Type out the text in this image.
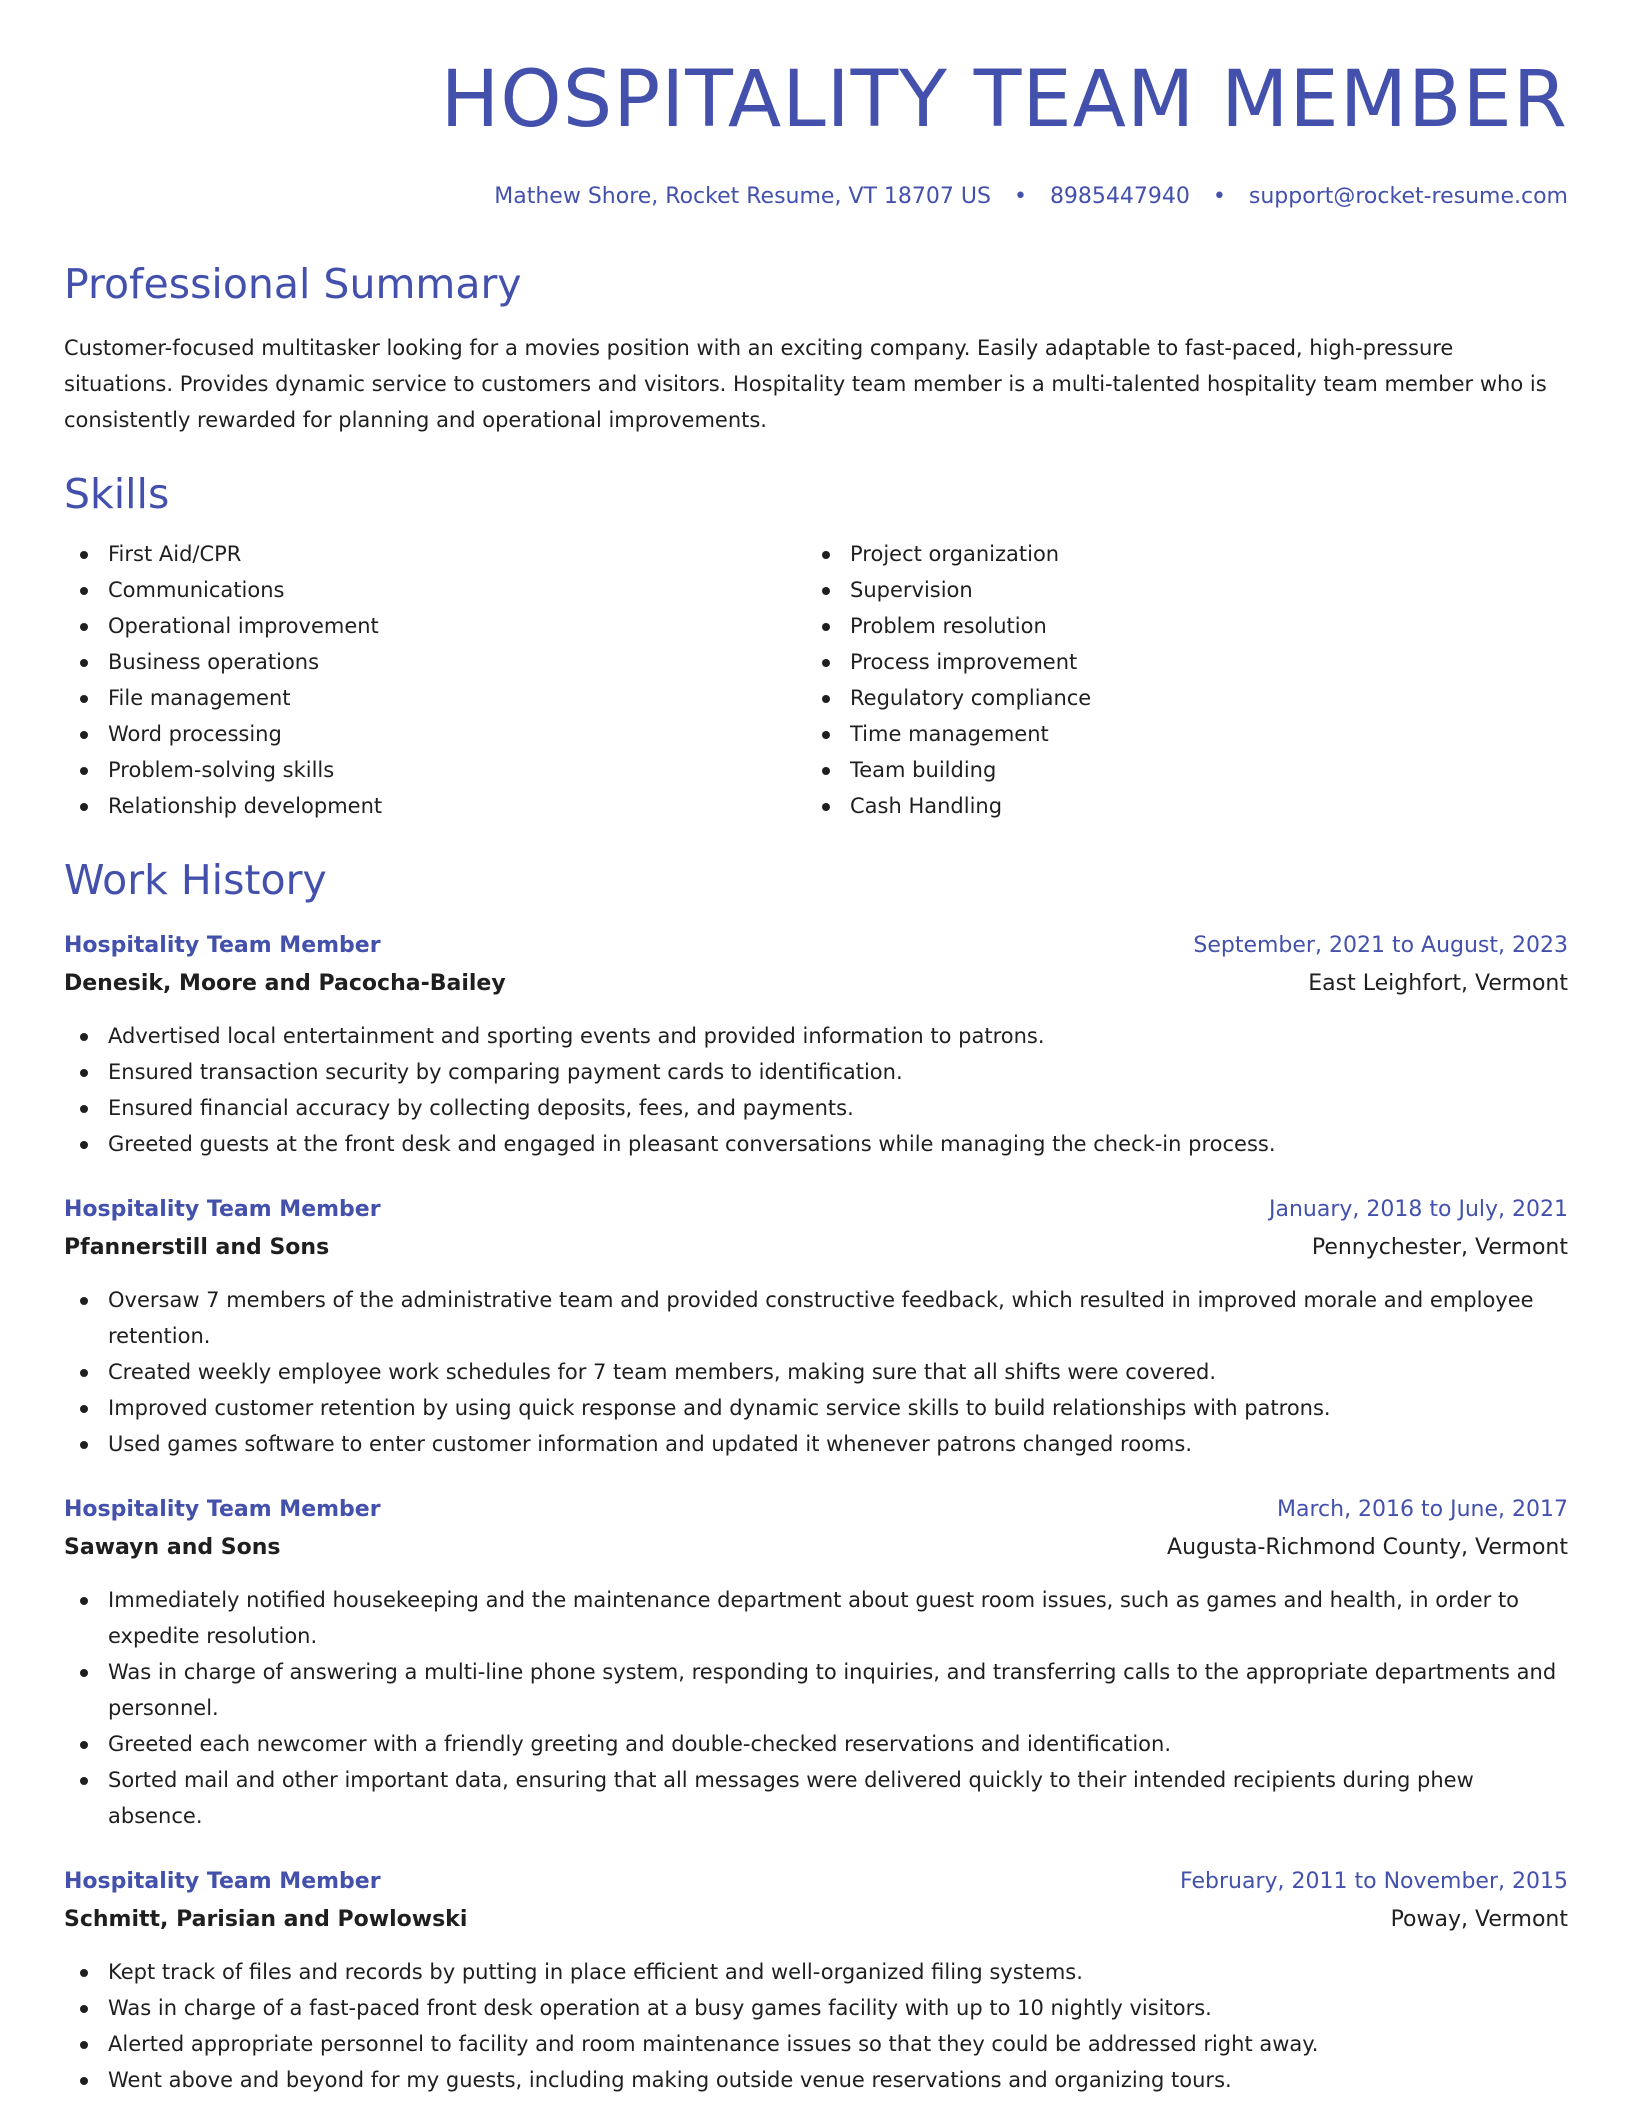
HOSPITALITY TEAM MEMBER
Mathew Shore, Rocket Resume, VT 18707 US • 8985447940 • support@rocket-resume.com
Professional Summary

Customer-focused multitasker looking for a movies position with an exciting company. Easily adaptable to fast-paced, high-pressure situations. Provides dynamic service to customers and visitors. Hospitality team member is a multi-talented hospitality team member who is consistently rewarded for planning and operational improvements.

Skills
First Aid/CPR
Communications
Operational improvement
Business operations
File management
Word processing
Problem-solving skills
Relationship development
Project organization
Supervision
Problem resolution
Process improvement
Regulatory compliance
Time management
Team building
Cash Handling
Work History
Hospitality Team Member	September, 2021 to August, 2023
Denesik, Moore and Pacocha-Bailey	East Leighfort, Vermont
Advertised local entertainment and sporting events and provided information to patrons.
Ensured transaction security by comparing payment cards to identification.
Ensured financial accuracy by collecting deposits, fees, and payments.
Greeted guests at the front desk and engaged in pleasant conversations while managing the check-in process.
Hospitality Team Member	January, 2018 to July, 2021
Pfannerstill and Sons	Pennychester, Vermont
Oversaw 7 members of the administrative team and provided constructive feedback, which resulted in improved morale and employee retention.
Created weekly employee work schedules for 7 team members, making sure that all shifts were covered.
Improved customer retention by using quick response and dynamic service skills to build relationships with patrons.
Used games software to enter customer information and updated it whenever patrons changed rooms.
Hospitality Team Member	March, 2016 to June, 2017
Sawayn and Sons	Augusta-Richmond County, Vermont
Immediately notified housekeeping and the maintenance department about guest room issues, such as games and health, in order to expedite resolution.
Was in charge of answering a multi-line phone system, responding to inquiries, and transferring calls to the appropriate departments and personnel.
Greeted each newcomer with a friendly greeting and double-checked reservations and identification.
Sorted mail and other important data, ensuring that all messages were delivered quickly to their intended recipients during phew absence.
Hospitality Team Member	February, 2011 to November, 2015
Schmitt, Parisian and Powlowski	Poway, Vermont
Kept track of files and records by putting in place efficient and well-organized filing systems.
Was in charge of a fast-paced front desk operation at a busy games facility with up to 10 nightly visitors.
Alerted appropriate personnel to facility and room maintenance issues so that they could be addressed right away.
Went above and beyond for my guests, including making outside venue reservations and organizing tours.
